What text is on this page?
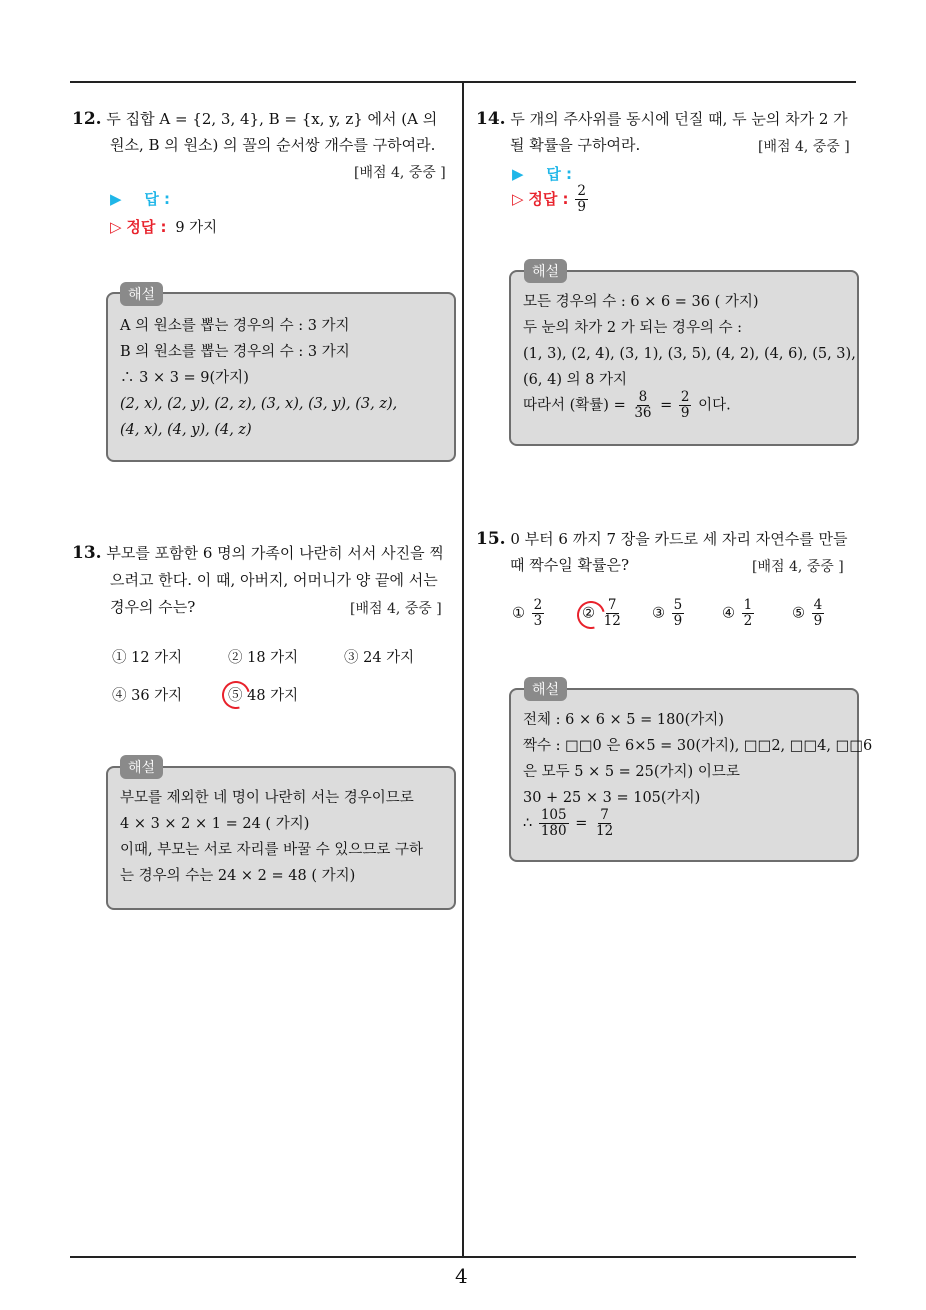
12. 두 집합 A = {2, 3, 4}, B = {x, y, z} 에서 (A 의
원소, B 의 원소) 의 꼴의 순서쌍 개수를 구하여라.
[배점 4, 중중 ]
▶ 답 :
▷ 정답 : 9 가지
A 의 원소를 뽑는 경우의 수 : 3 가지
B 의 원소를 뽑는 경우의 수 : 3 가지
∴ 3 × 3 = 9(가지)
(2, x), (2, y), (2, z), (3, x), (3, y), (3, z),
(4, x), (4, y), (4, z)
해설
13. 부모를 포함한 6 명의 가족이 나란히 서서 사진을 찍
으려고 한다. 이 때, 아버지, 어머니가 양 끝에 서는
경우의 수는?	[배점 4, 중중 ]
① 12 가지	② 18 가지	③ 24 가지
④ 36 가지	⑤ 48 가지
부모를 제외한 네 명이 나란히 서는 경우이므로
4 × 3 × 2 × 1 = 24 ( 가지)
이때, 부모는 서로 자리를 바꿀 수 있으므로 구하
는 경우의 수는 24 × 2 = 48 ( 가지)
해설
14. 두 개의 주사위를 동시에 던질 때, 두 눈의 차가 2 가
될 확률을 구하여라.	[배점 4, 중중 ]
▶ 답 :
▷ 정답 : $\frac{2}{9}$
모든 경우의 수 : 6 × 6 = 36 ( 가지)
두 눈의 차가 2 가 되는 경우의 수 :
(1, 3), (2, 4), (3, 1), (3, 5), (4, 2), (4, 6), (5, 3),
(6, 4) 의 8 가지
따라서 (확률) = $\frac{8}{36} = \frac{2}{9}$ 이다.
해설
15. 0 부터 6 까지 7 장을 카드로 세 자리 자연수를 만들
때 짝수일 확률은?	[배점 4, 중중 ]
① $\frac{2}{3}$	② $\frac{7}{12}$ ③ $\frac{5}{9}$	④ $\frac{1}{2}$	⑤ $\frac{4}{9}$
전체 : 6 × 6 × 5 = 180(가지)
짝수 : □□0 은 6×5 = 30(가지), □□2, □□4, □□6
은 모두 5 × 5 = 25(가지) 이므로
30 + 25 × 3 = 105(가지)
∴ $\frac{105}{180} = \frac{7}{12}$
해설
4
